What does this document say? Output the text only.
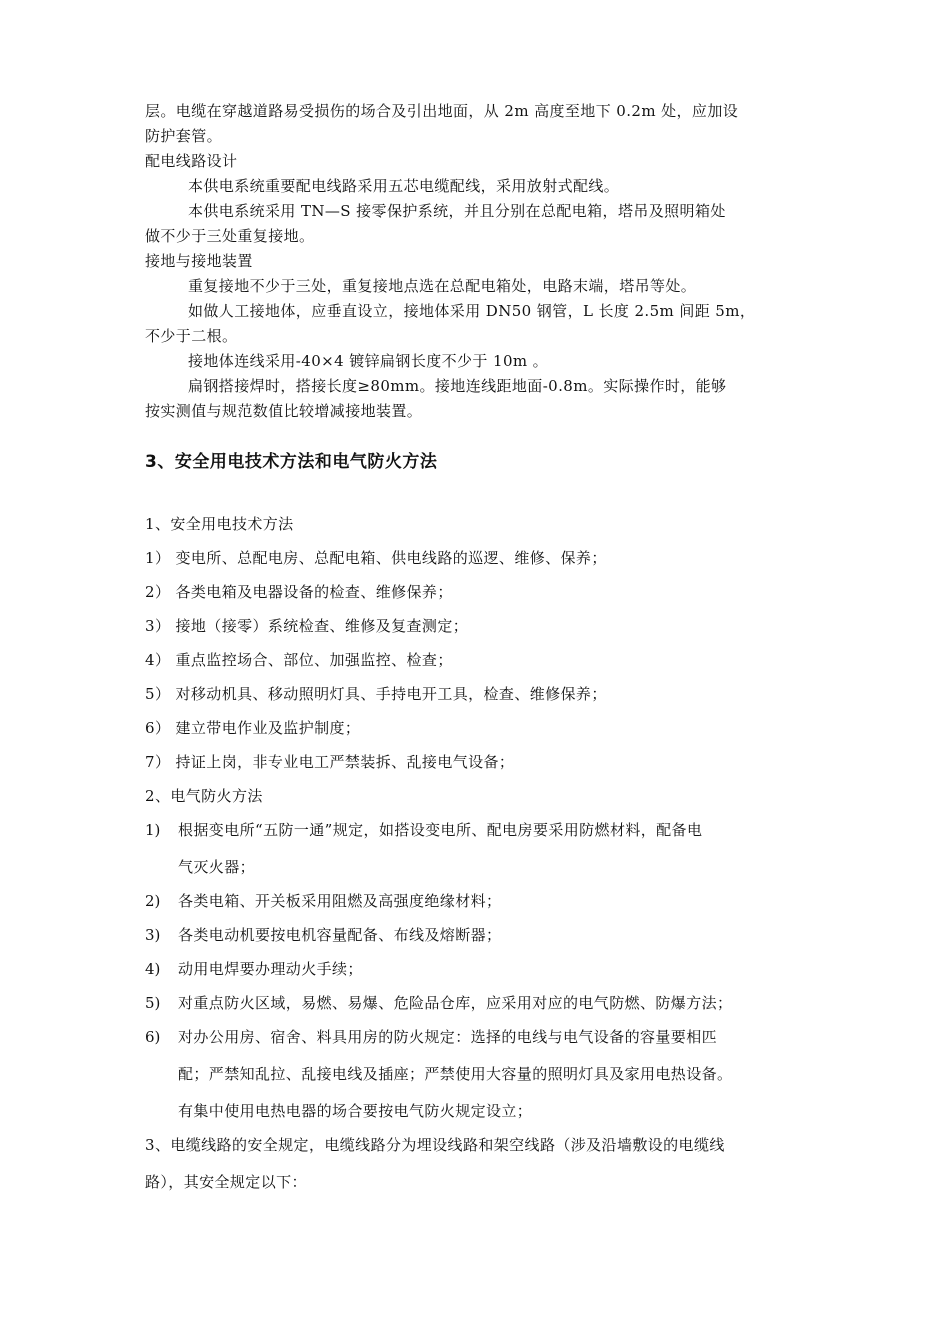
层。电缆在穿越道路易受损伤的场合及引出地面，从 2m 高度至地下 0.2m 处，应加设
防护套管。
配电线路设计
本供电系统重要配电线路采用五芯电缆配线，采用放射式配线。
本供电系统采用 TN—S 接零保护系统，并且分别在总配电箱，塔吊及照明箱处
做不少于三处重复接地。
接地与接地装置
重复接地不少于三处，重复接地点选在总配电箱处，电路末端，塔吊等处。
如做人工接地体，应垂直设立，接地体采用 DN50 钢管，L 长度 2.5m 间距 5m，
不少于二根。
接地体连线采用-40×4 镀锌扁钢长度不少于 10m 。
扁钢搭接焊时，搭接长度≥80mm。接地连线距地面-0.8m。实际操作时，能够
按实测值与规范数值比较增减接地装置。
3、安全用电技术方法和电气防火方法
1、安全用电技术方法
1） 变电所、总配电房、总配电箱、供电线路的巡逻、维修、保养；
2） 各类电箱及电器设备的检查、维修保养；
3） 接地（接零）系统检查、维修及复查测定；
4） 重点监控场合、部位、加强监控、检查；
5） 对移动机具、移动照明灯具、手持电开工具，检查、维修保养；
6） 建立带电作业及监护制度；
7） 持证上岗，非专业电工严禁装拆、乱接电气设备；
2、电气防火方法
1) 根据变电所“五防一通”规定，如搭设变电所、配电房要采用防燃材料，配备电
气灭火器；
2) 各类电箱、开关板采用阻燃及高强度绝缘材料；
3) 各类电动机要按电机容量配备、布线及熔断器；
4) 动用电焊要办理动火手续；
5) 对重点防火区域，易燃、易爆、危险品仓库，应采用对应的电气防燃、防爆方法；
6) 对办公用房、宿舍、料具用房的防火规定：选择的电线与电气设备的容量要相匹
配；严禁知乱拉、乱接电线及插座；严禁使用大容量的照明灯具及家用电热设备。
有集中使用电热电器的场合要按电气防火规定设立；
3、电缆线路的安全规定，电缆线路分为埋设线路和架空线路（涉及沿墙敷设的电缆线
路），其安全规定以下：
